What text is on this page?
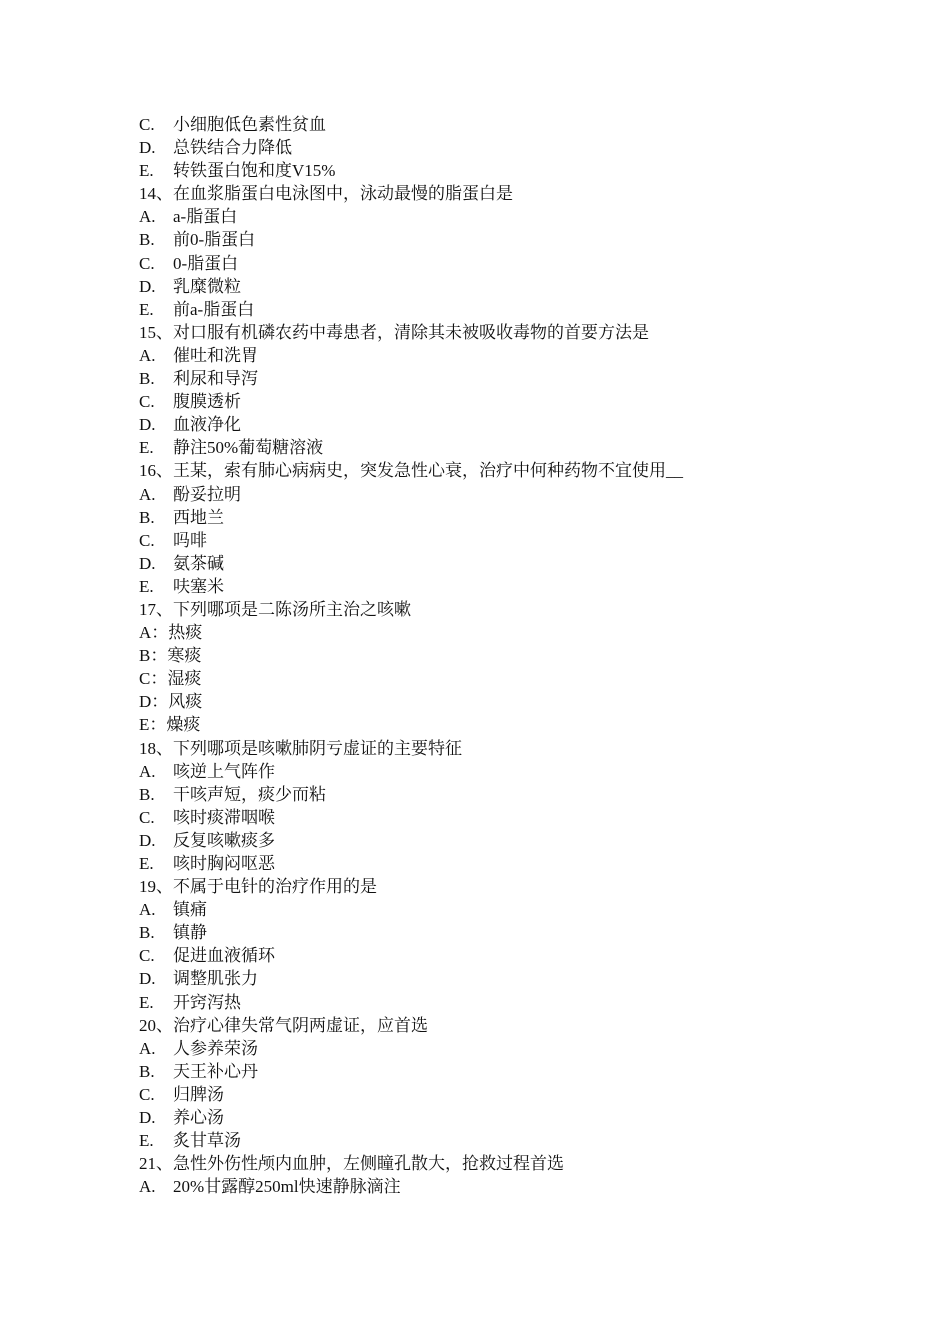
C. 小细胞低色素性贫血
D. 总铁结合力降低
E. 转铁蛋白饱和度V15%
14、在血浆脂蛋白电泳图中，泳动最慢的脂蛋白是
A. a-脂蛋白
B. 前0-脂蛋白
C. 0-脂蛋白
D. 乳糜微粒
E. 前a-脂蛋白
15、对口服有机磷农药中毒患者，清除其未被吸收毒物的首要方法是
A. 催吐和洗胃
B. 利尿和导泻
C. 腹膜透析
D. 血液净化
E. 静注50%葡萄糖溶液
16、王某，索有肺心病病史，突发急性心衰，治疗中何种药物不宜使用__
A. 酚妥拉明
B. 西地兰
C. 吗啡
D. 氨茶碱
E. 呋塞米
17、下列哪项是二陈汤所主治之咳嗽
A：热痰
B：寒痰
C：湿痰
D：风痰
E：燥痰
18、下列哪项是咳嗽肺阴亏虚证的主要特征
A. 咳逆上气阵作
B. 干咳声短，痰少而粘
C. 咳时痰滞咽喉
D. 反复咳嗽痰多
E. 咳时胸闷呕恶
19、不属于电针的治疗作用的是
A. 镇痛
B. 镇静
C. 促进血液循环
D. 调整肌张力
E. 开窍泻热
20、治疗心律失常气阴两虚证，应首选
A. 人参养荣汤
B. 天王补心丹
C. 归脾汤
D. 养心汤
E. 炙甘草汤
21、急性外伤性颅内血肿，左侧瞳孔散大，抢救过程首选
A. 20%甘露醇250ml快速静脉滴注
